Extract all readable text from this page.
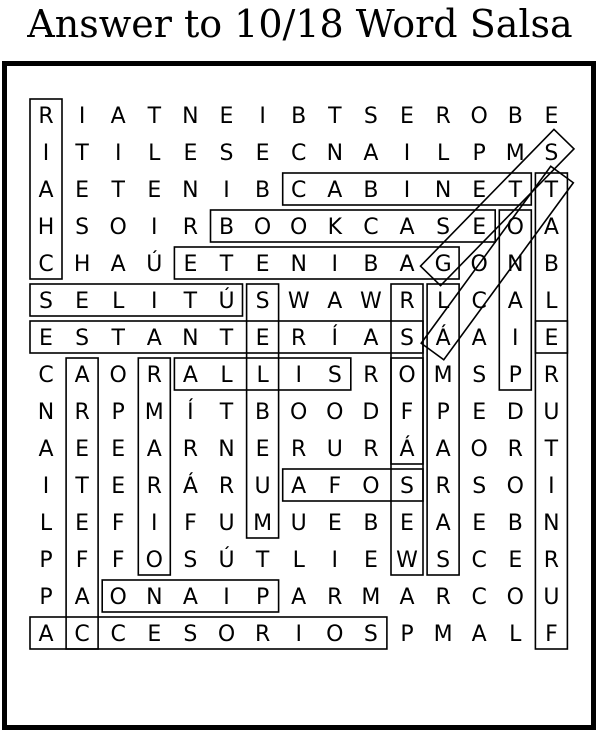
Answer to 10/18 Word Salsa
R I A T N E I B T S E R O B E
I T I L E S E C N A I L P M S
A E T E N I B C A B I N E T T
H S O I R B O O K C A S E O A
C H A Ú E T E N I B A G O N B
S E L I T Ú S W A W R L C A L
E S T A N T E R Í A S Á A I E
C A O R A L L I S R O M S P R
N R P M Í T B O O D F P E D U
A E E A R N E R U R Á A O R T
I T E R Á R U A F O S R S O I
L E F I F U M U E B E A E B N
P F F O S Ú T L I E W S C E R
P A O N A I P A R M A R C O U
A C C E S O R I O S P M A L F
